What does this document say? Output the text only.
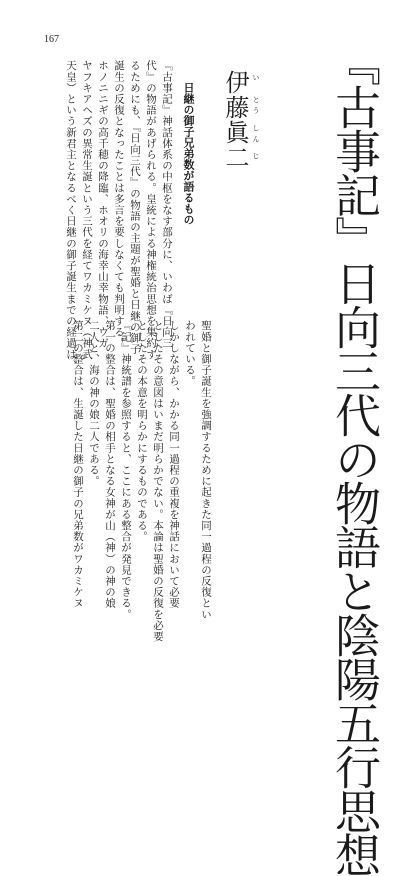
167
『古事記』日向三代の物語と陰陽五行思想
い　とう しん じ
伊藤眞二
日継の御子兄弟数が語るもの
『古事記』神話体系の中枢をなす部分に、いわば『日向三
代』の物語があげられる。皇統による神権統治思想を集約す
るためにも、『日向三代』の物語の主題が聖婚と日継の御子
誕生の反復となったことは多言を要しなくても判明する。
ホノニニギの高千穂の降臨、ホオリの海幸山幸物語、ウガ
ヤフキアヘズの異常生誕という三代を経てワカミケヌ（神武
天皇）という新君主となるべく日継の御子誕生までの経過は、
聖婚と御子誕生を強調するために起きた同一過程の反復とい
われている。
しかしながら、かかる同一過程の重複を神話において必要
としたその意図はいまだ明らかでない。本論は聖婚の反復を必要
としたその本意を明らかにするものである。
『記』神統譜を参照すると、ここにある整合が発見できる。
第一の整合は、聖婚の相手となる女神が山（神）の神の娘
二人と、海の神の娘二人である。
第二の整合は、生誕した日継の御子の兄弟数がワカミケヌ
